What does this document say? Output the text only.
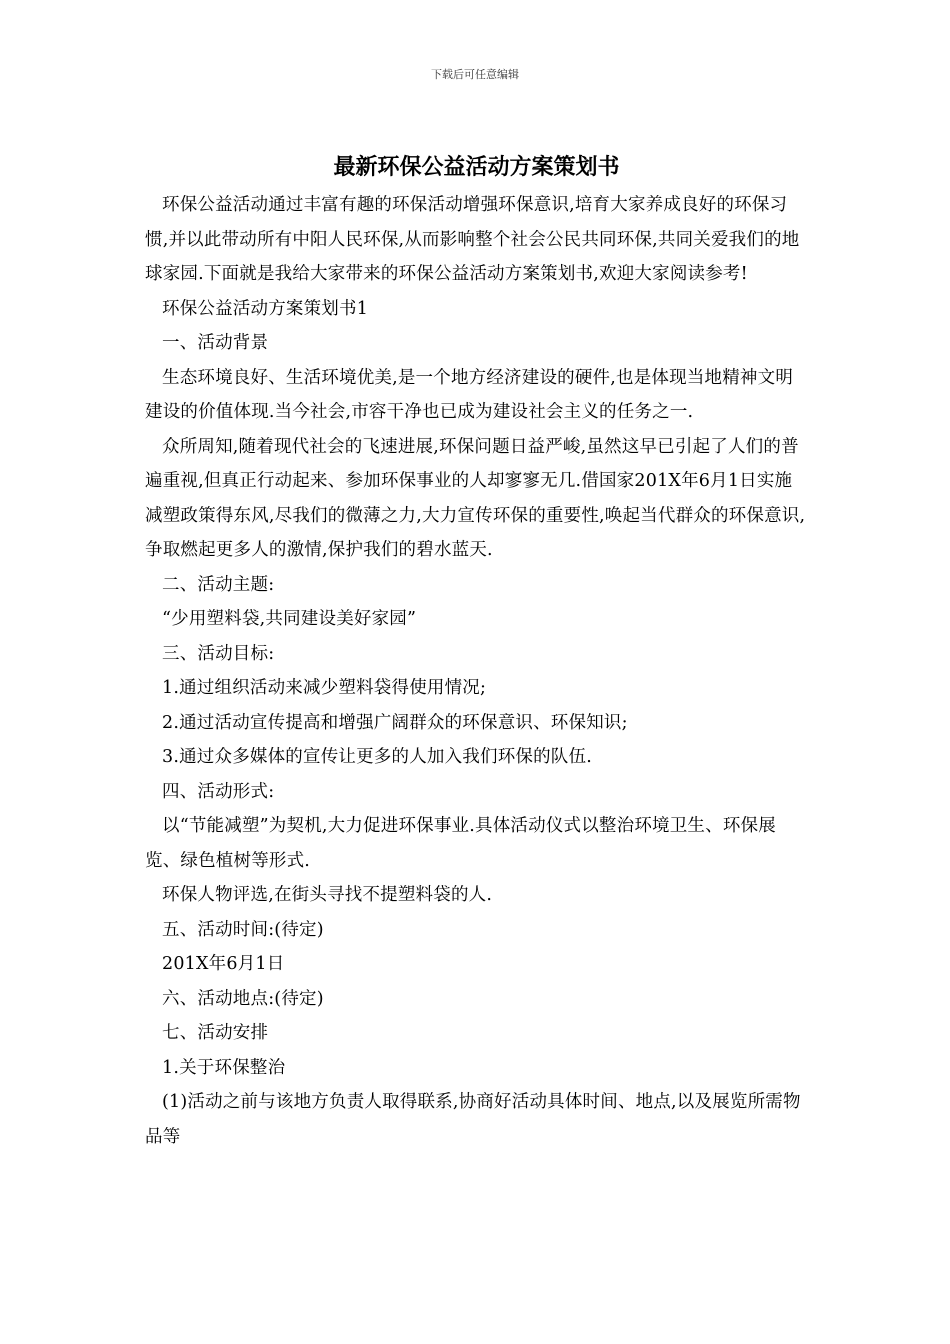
下载后可任意编辑
最新环保公益活动方案策划书

环保公益活动通过丰富有趣的环保活动增强环保意识,培育大家养成良好的环保习惯,并以此带动所有中阳人民环保,从而影响整个社会公民共同环保,共同关爱我们的地球家园.下面就是我给大家带来的环保公益活动方案策划书,欢迎大家阅读参考!

环保公益活动方案策划书1

一、活动背景

生态环境良好、生活环境优美,是一个地方经济建设的硬件,也是体现当地精神文明建设的价值体现.当今社会,市容干净也已成为建设社会主义的任务之一.

众所周知,随着现代社会的飞速进展,环保问题日益严峻,虽然这早已引起了人们的普遍重视,但真正行动起来、参加环保事业的人却寥寥无几.借国家201X年6月1日实施减塑政策得东风,尽我们的微薄之力,大力宣传环保的重要性,唤起当代群众的环保意识,争取燃起更多人的激情,保护我们的碧水蓝天.

二、活动主题:

“少用塑料袋,共同建设美好家园”

三、活动目标:

1.通过组织活动来减少塑料袋得使用情况;

2.通过活动宣传提高和增强广阔群众的环保意识、环保知识;

3.通过众多媒体的宣传让更多的人加入我们环保的队伍.

四、活动形式:

以“节能减塑”为契机,大力促进环保事业.具体活动仪式以整治环境卫生、环保展览、绿色植树等形式.

环保人物评选,在街头寻找不提塑料袋的人.

五、活动时间:(待定)

201X年6月1日

六、活动地点:(待定)

七、活动安排

1.关于环保整治

(1)活动之前与该地方负责人取得联系,协商好活动具体时间、地点,以及展览所需物品等
